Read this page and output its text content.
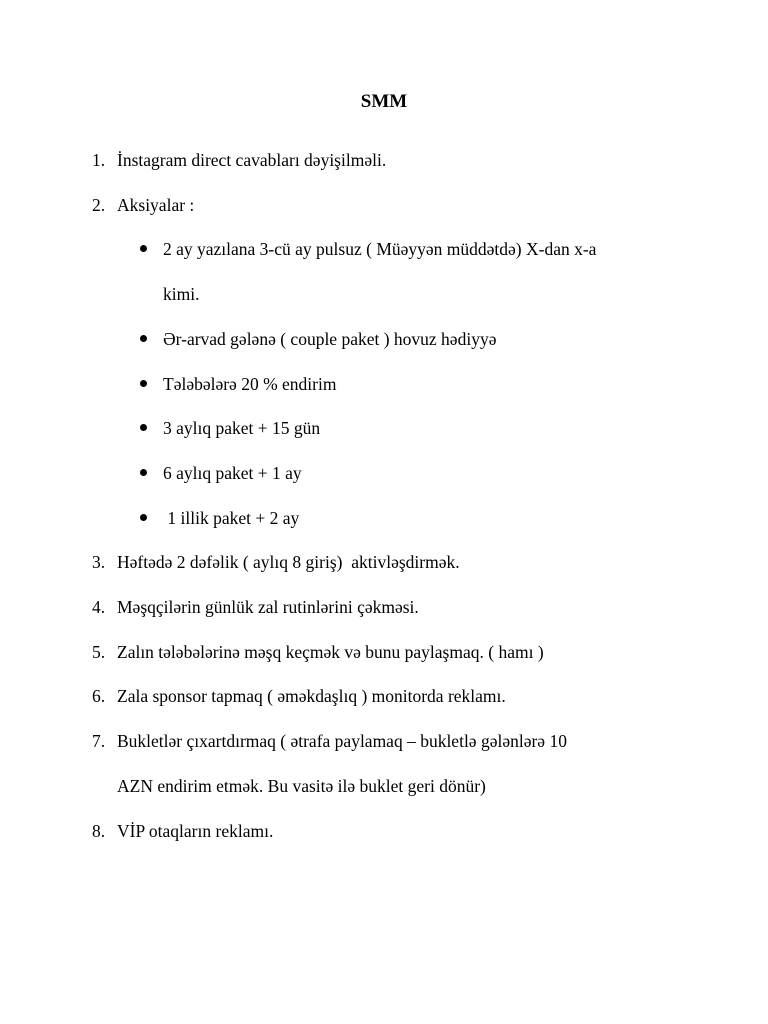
SMM
1. İnstagram direct cavabları dəyişilməli.
2. Aksiyalar :
2 ay yazılana 3-cü ay pulsuz ( Müəyyən müddətdə) X-dan x-a
kimi.
Ər-arvad gələnə ( couple paket ) hovuz hədiyyə
Tələbələrə 20 % endirim
3 aylıq paket + 15 gün
6 aylıq paket + 1 ay
1 illik paket + 2 ay
3. Həftədə 2 dəfəlik ( aylıq 8 giriş)  aktivləşdirmək.
4. Məşqçilərin günlük zal rutinlərini çəkməsi.
5. Zalın tələbələrinə məşq keçmək və bunu paylaşmaq. ( hamı )
6. Zala sponsor tapmaq ( əməkdaşlıq ) monitorda reklamı.
7. Bukletlər çıxartdırmaq ( ətrafa paylamaq – bukletlə gələnlərə 10
AZN endirim etmək. Bu vasitə ilə buklet geri dönür)
8. VİP otaqların reklamı.
